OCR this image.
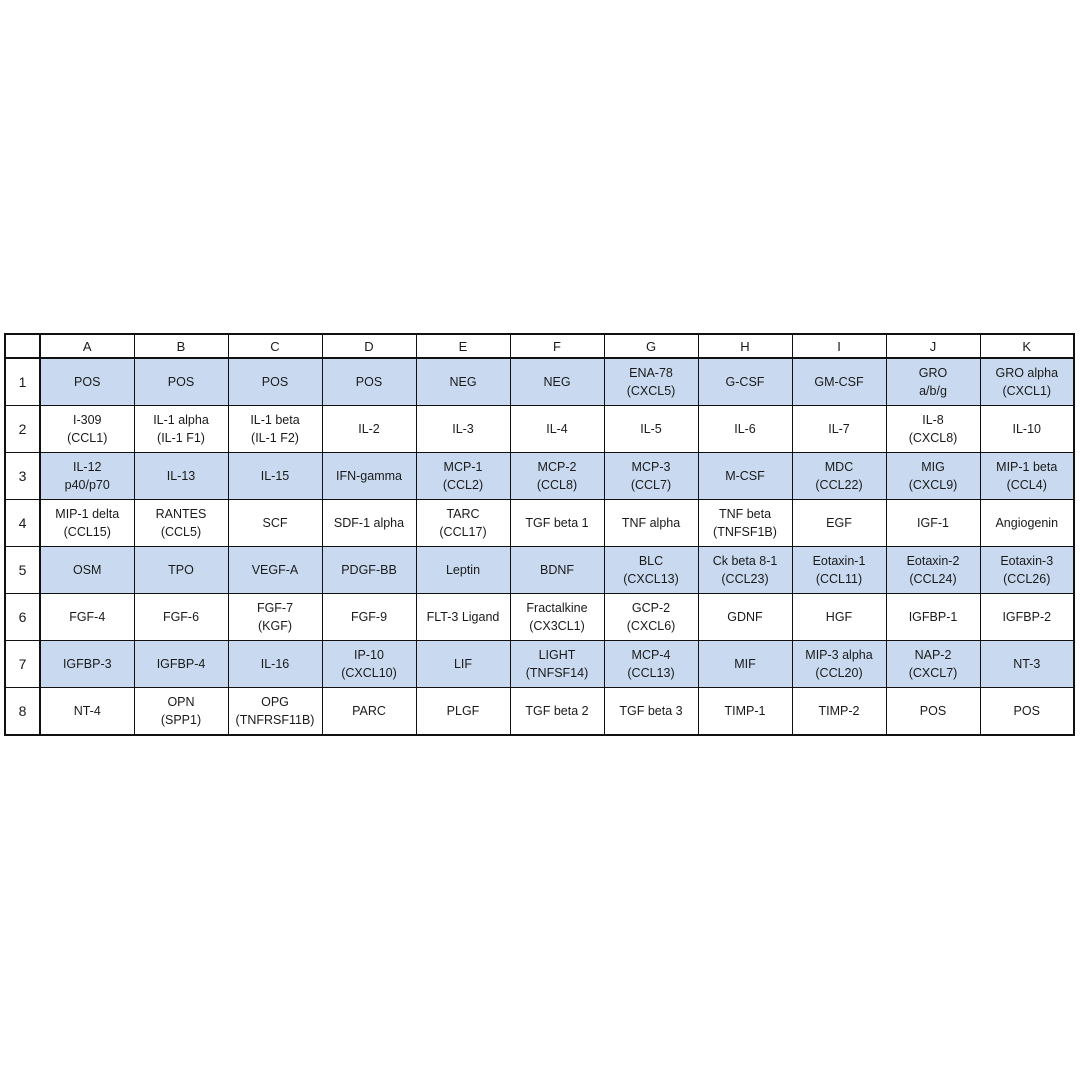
	A	B	C	D	E	F	G	H	I	J	K
1	POS	POS	POS	POS	NEG	NEG	ENA-78
(CXCL5)	G-CSF	GM-CSF	GRO
a/b/g	GRO alpha
(CXCL1)

2	I-309
(CCL1)	IL-1 alpha
(IL-1 F1)	IL-1 beta
(IL-1 F2)	IL-2	IL-3	IL-4	IL-5	IL-6	IL-7	IL-8
(CXCL8)	IL-10

3	IL-12
p40/p70	IL-13	IL-15	IFN-gamma	MCP-1
(CCL2)	MCP-2
(CCL8)	MCP-3
(CCL7)	M-CSF	MDC
(CCL22)	MIG
(CXCL9)	MIP-1 beta
(CCL4)

4	MIP-1 delta
(CCL15)	RANTES
(CCL5)	SCF	SDF-1 alpha	TARC
(CCL17)	TGF beta 1	TNF alpha	TNF beta
(TNFSF1B)	EGF	IGF-1	Angiogenin

5	OSM	TPO	VEGF-A	PDGF-BB	Leptin	BDNF	BLC
(CXCL13)	Ck beta 8-1
(CCL23)	Eotaxin-1
(CCL11)	Eotaxin-2
(CCL24)	Eotaxin-3
(CCL26)

6	FGF-4	FGF-6	FGF-7
(KGF)	FGF-9	FLT-3 Ligand	Fractalkine
(CX3CL1)	GCP-2
(CXCL6)	GDNF	HGF	IGFBP-1	IGFBP-2

7	IGFBP-3	IGFBP-4	IL-16	IP-10
(CXCL10)	LIF	LIGHT
(TNFSF14)	MCP-4
(CCL13)	MIF	MIP-3 alpha
(CCL20)	NAP-2
(CXCL7)	NT-3

8	NT-4	OPN
(SPP1)	OPG
(TNFRSF11B)	PARC	PLGF	TGF beta 2	TGF beta 3	TIMP-1	TIMP-2	POS	POS
